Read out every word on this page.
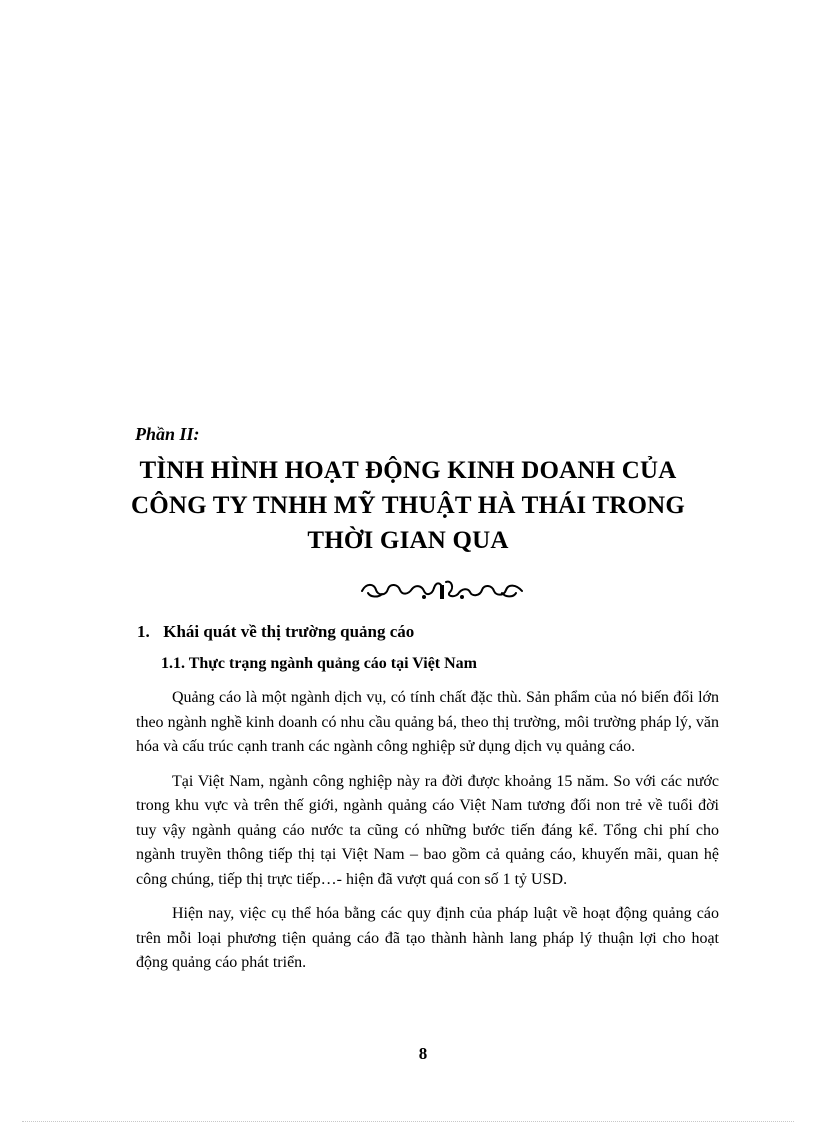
Phần II:

TÌNH HÌNH HOẠT ĐỘNG KINH DOANH CỦA CÔNG TY TNHH MỸ THUẬT HÀ THÁI TRONG THỜI GIAN QUA
1. Khái quát về thị trường quảng cáo
1.1. Thực trạng ngành quảng cáo tại Việt Nam

Quảng cáo là một ngành dịch vụ, có tính chất đặc thù. Sản phẩm của nó biến đổi lớn theo ngành nghề kinh doanh có nhu cầu quảng bá, theo thị trường, môi trường pháp lý, văn hóa và cấu trúc cạnh tranh các ngành công nghiệp sử dụng dịch vụ quảng cáo.

Tại Việt Nam, ngành công nghiệp này ra đời được khoảng 15 năm. So với các nước trong khu vực và trên thế giới, ngành quảng cáo Việt Nam tương đối non trẻ về tuổi đời tuy vậy ngành quảng cáo nước ta cũng có những bước tiến đáng kể. Tổng chi phí cho ngành truyền thông tiếp thị tại Việt Nam – bao gồm cả quảng cáo, khuyến mãi, quan hệ công chúng, tiếp thị trực tiếp…- hiện đã vượt quá con số 1 tỷ USD.

Hiện nay, việc cụ thể hóa bằng các quy định của pháp luật về hoạt động quảng cáo trên mỗi loại phương tiện quảng cáo đã tạo thành hành lang pháp lý thuận lợi cho hoạt động quảng cáo phát triển.

8
